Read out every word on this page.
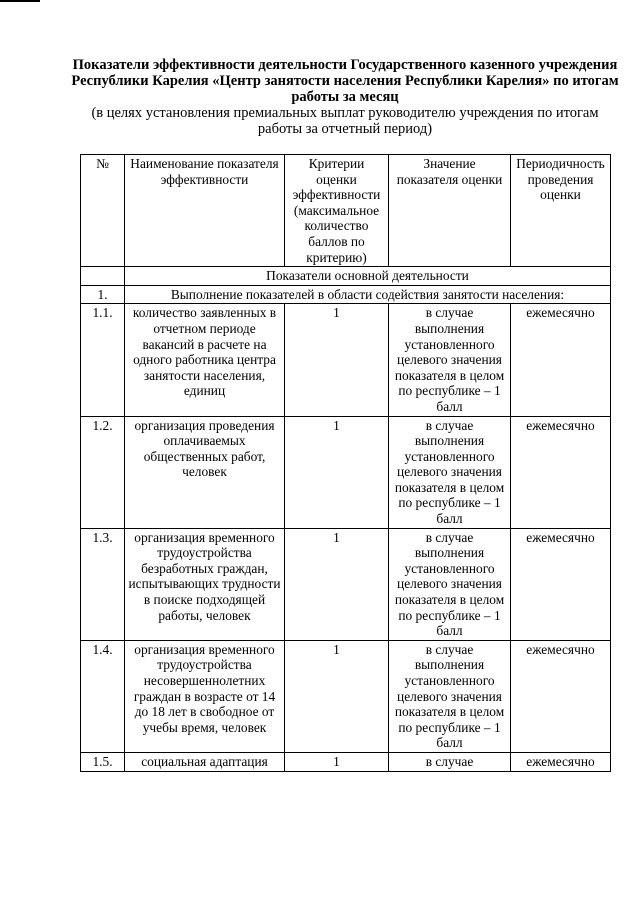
Показатели эффективности деятельности Государственного казенного учреждения Республики Карелия «Центр занятости населения Республики Карелия» по итогам работы за месяц
(в целях установления премиальных выплат руководителю учреждения по итогам работы за отчетный период)
№	Наименование показателя эффективности	Критерии оценки эффективности (максимальное количество баллов по критерию)	Значение показателя оценки	Периодичность проведения оценки
	Показатели основной деятельности			
1.	Выполнение показателей в области содействия занятости населения:			
1.1.	количество заявленных в отчетном периоде вакансий в расчете на одного работника центра занятости населения, единиц	1	в случае выполнения установленного целевого значения показателя в целом по республике – 1 балл	ежемесячно
1.2.	организация проведения оплачиваемых общественных работ, человек	1	в случае выполнения установленного целевого значения показателя в целом по республике – 1 балл	ежемесячно
1.3.	организация временного трудоустройства безработных граждан, испытывающих трудности в поиске подходящей работы, человек	1	в случае выполнения установленного целевого значения показателя в целом по республике – 1 балл	ежемесячно
1.4.	организация временного трудоустройства несовершеннолетних граждан в возрасте от 14 до 18 лет в свободное от учебы время, человек	1	в случае выполнения установленного целевого значения показателя в целом по республике – 1 балл	ежемесячно
1.5.	социальная адаптация	1	в случае	ежемесячно
